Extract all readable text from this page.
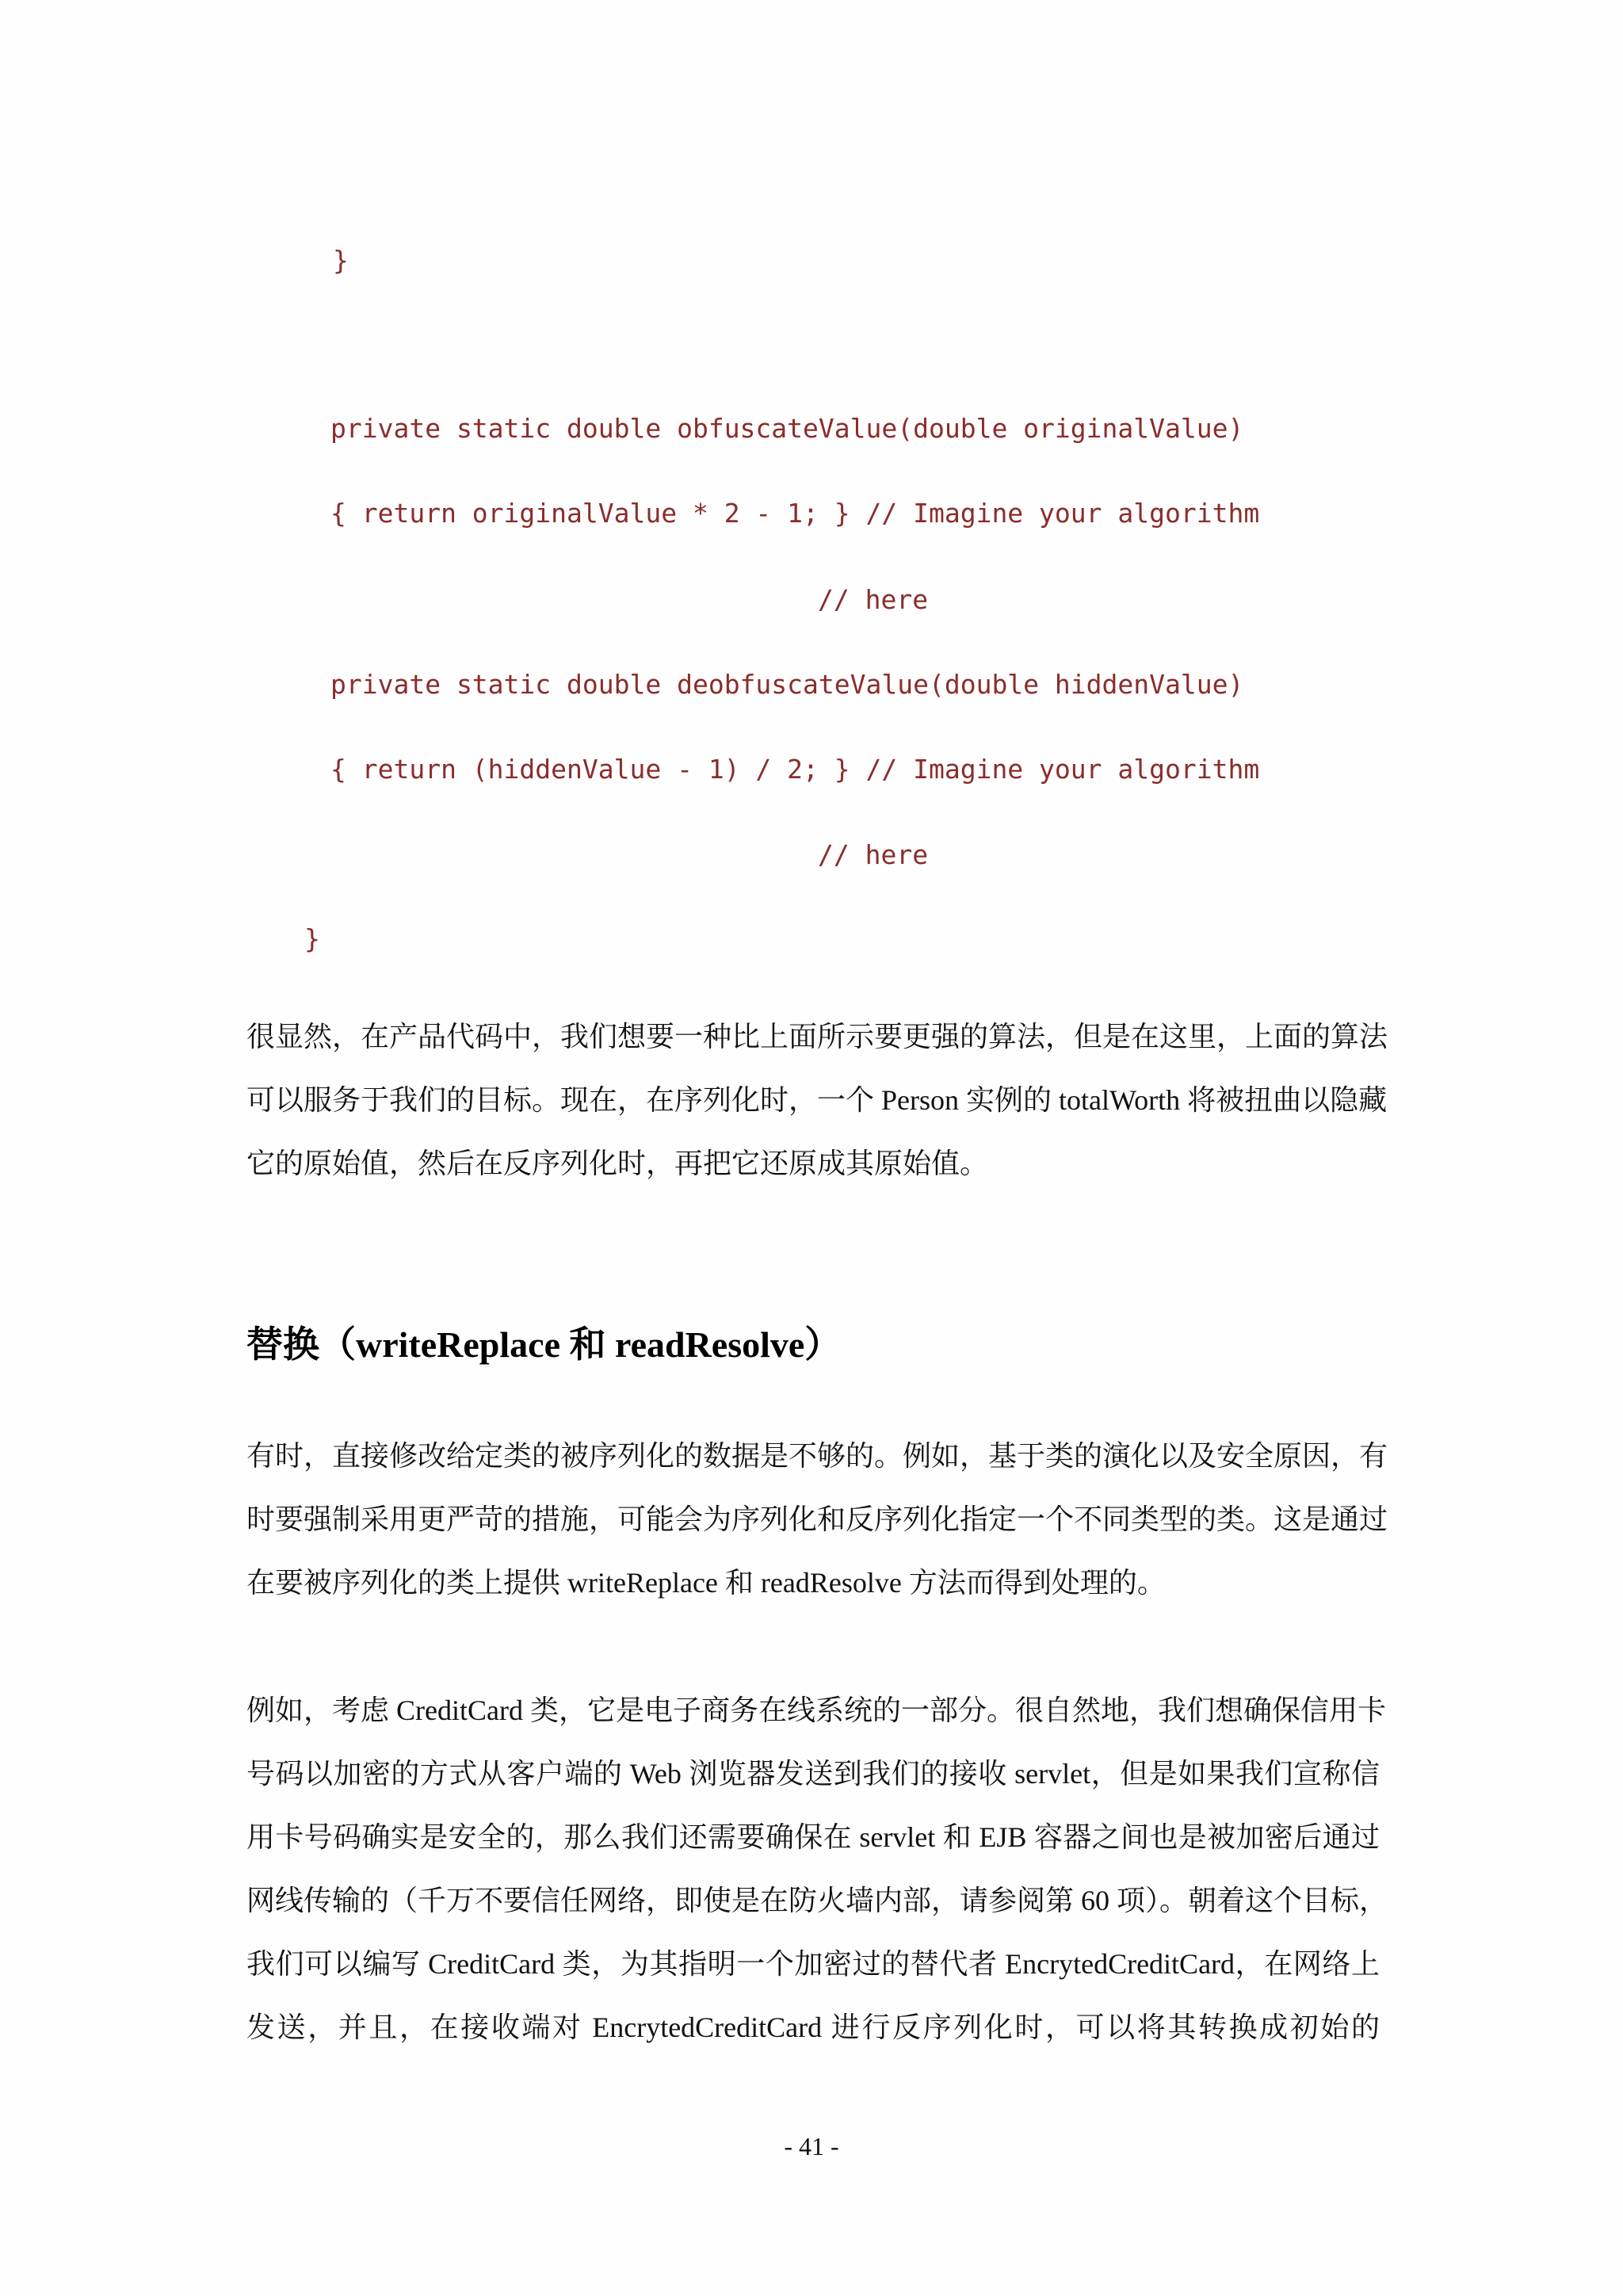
}
private static double obfuscateValue(double originalValue)
{ return originalValue * 2 - 1; } // Imagine your algorithm
// here
private static double deobfuscateValue(double hiddenValue)
{ return (hiddenValue - 1) / 2; } // Imagine your algorithm
// here
}
很显然，在产品代码中，我们想要一种比上面所示要更强的算法，但是在这里，上面的算法
可以服务于我们的目标。现在，在序列化时，一个 Person 实例的 totalWorth 将被扭曲以隐藏
它的原始值，然后在反序列化时，再把它还原成其原始值。
替换（writeReplace 和 readResolve）
有时，直接修改给定类的被序列化的数据是不够的。例如，基于类的演化以及安全原因，有
时要强制采用更严苛的措施，可能会为序列化和反序列化指定一个不同类型的类。这是通过
在要被序列化的类上提供 writeReplace 和 readResolve 方法而得到处理的。
例如，考虑 CreditCard 类，它是电子商务在线系统的一部分。很自然地，我们想确保信用卡
号码以加密的方式从客户端的 Web 浏览器发送到我们的接收 servlet，但是如果我们宣称信
用卡号码确实是安全的，那么我们还需要确保在 servlet 和 EJB 容器之间也是被加密后通过
网线传输的（千万不要信任网络，即使是在防火墙内部，请参阅第 60 项）。朝着这个目标，
我们可以编写 CreditCard 类，为其指明一个加密过的替代者 EncrytedCreditCard，在网络上
发送，并且，在接收端对 EncrytedCreditCard 进行反序列化时，可以将其转换成初始的
- 41 -
